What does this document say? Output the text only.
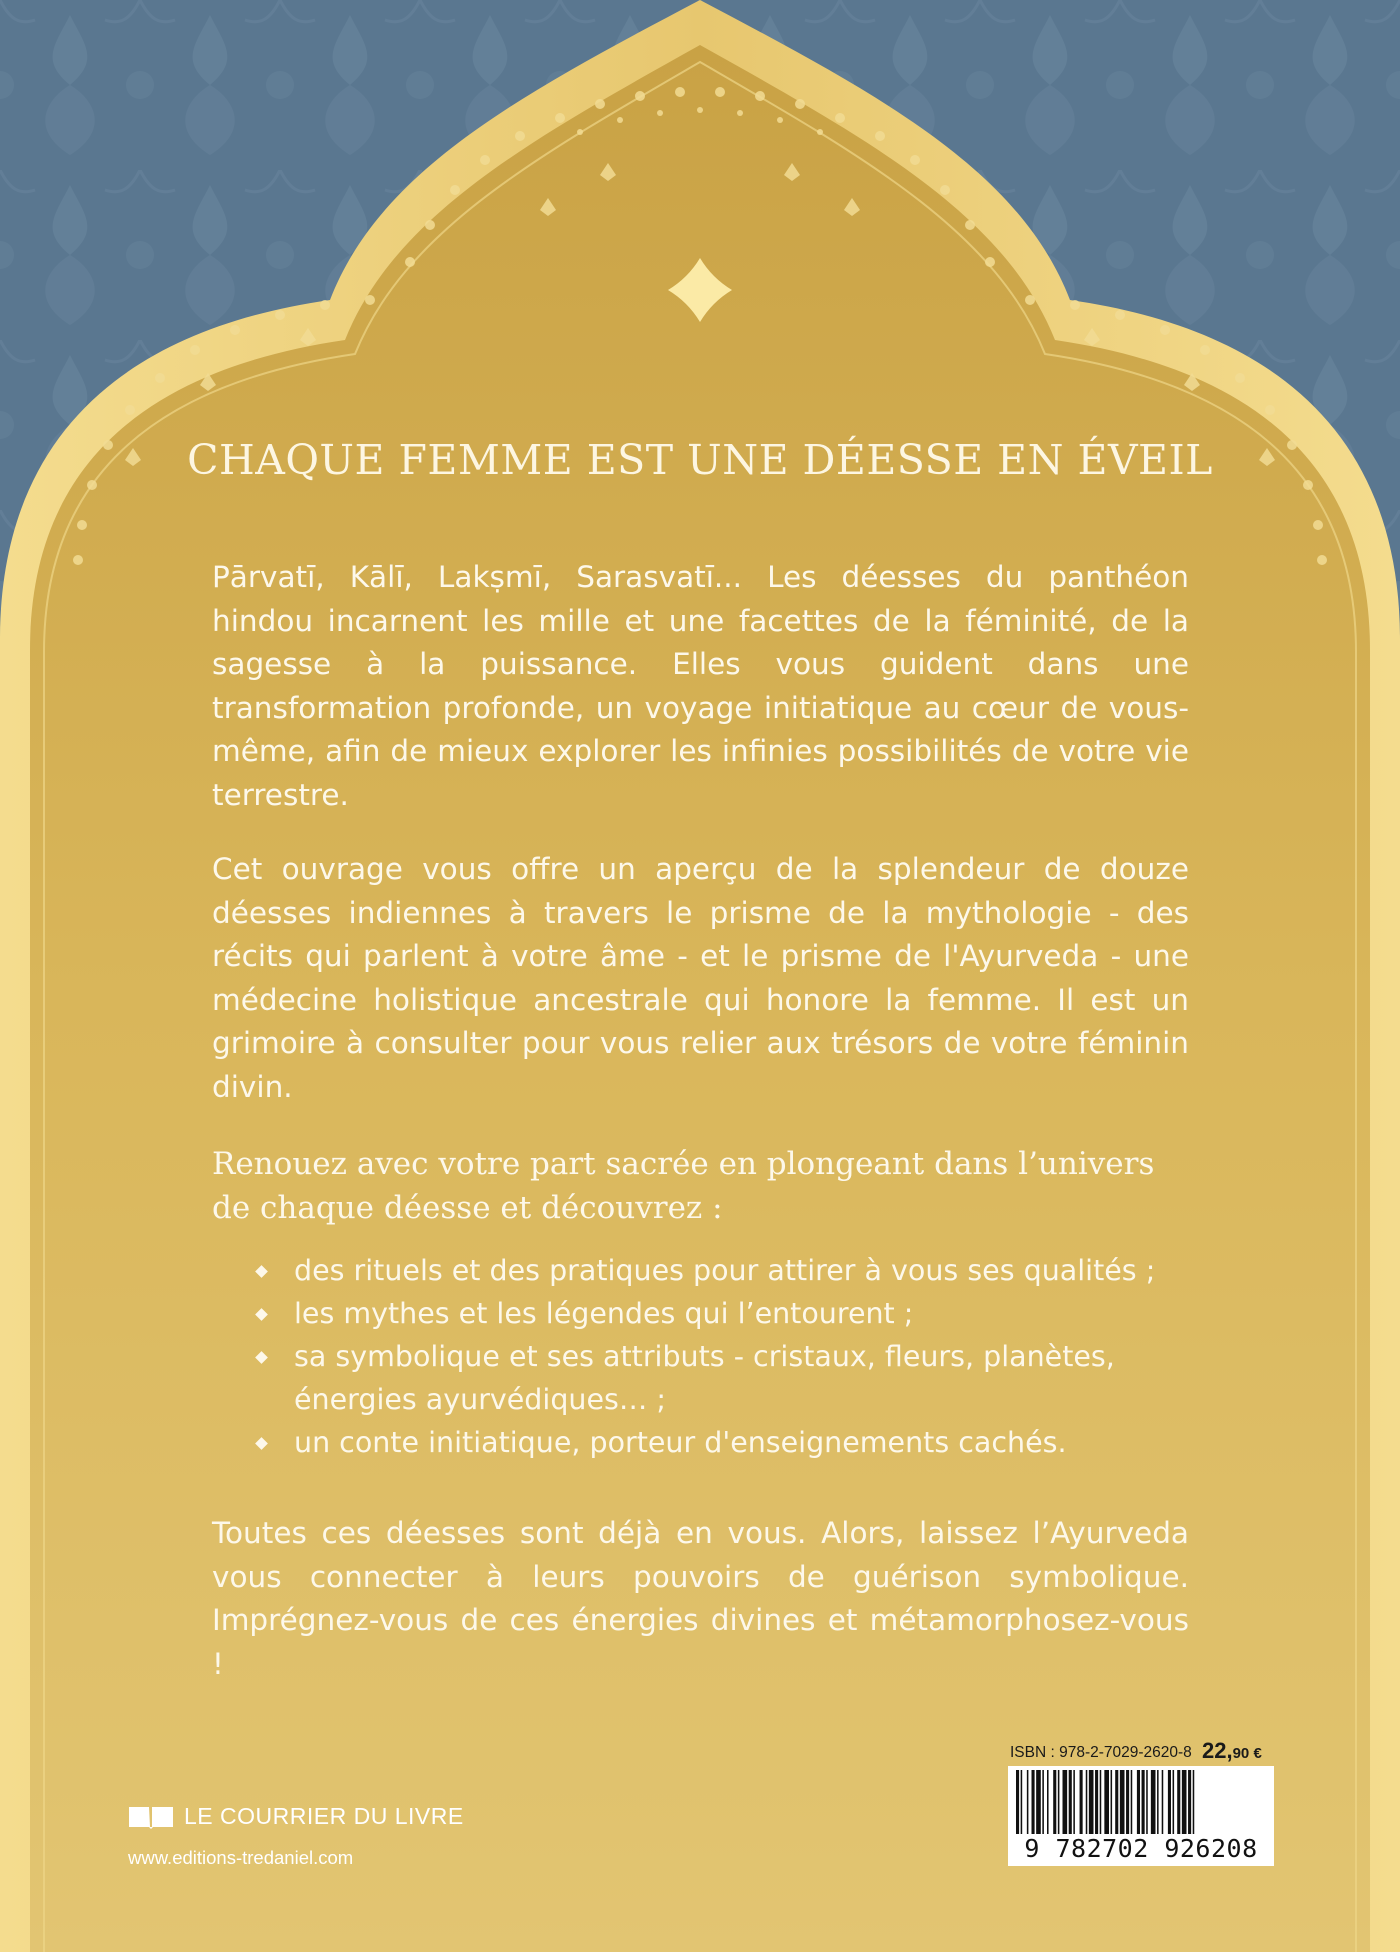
CHAQUE FEMME EST UNE DÉESSE EN ÉVEIL
Pārvatī, Kālī, Lakṣmī, Sarasvatī... Les déesses du panthéon hindou incarnent les mille et une facettes de la féminité, de la sagesse à la puissance. Elles vous guident dans une transformation profonde, un voyage initiatique au cœur de vous-même, afin de mieux explorer les infinies possibilités de votre vie terrestre.
Cet ouvrage vous offre un aperçu de la splendeur de douze déesses indiennes à travers le prisme de la mythologie - des récits qui parlent à votre âme - et le prisme de l'Ayurveda - une médecine holistique ancestrale qui honore la femme. Il est un grimoire à consulter pour vous relier aux trésors de votre féminin divin.
Renouez avec votre part sacrée en plongeant dans l’univers de chaque déesse et découvrez :
des rituels et des pratiques pour attirer à vous ses qualités ;
les mythes et les légendes qui l’entourent ;
sa symbolique et ses attributs - cristaux, fleurs, planètes, énergies ayurvédiques… ;
un conte initiatique, porteur d'enseignements cachés.
Toutes ces déesses sont déjà en vous. Alors, laissez l’Ayurveda vous connecter à leurs pouvoirs de guérison symbolique. Imprégnez-vous de ces énergies divines et métamorphosez-vous !
ISBN : 978-2-7029-2620-8 22,90 €
9 782702 926208
LE COURRIER DU LIVRE
www.editions-tredaniel.com
